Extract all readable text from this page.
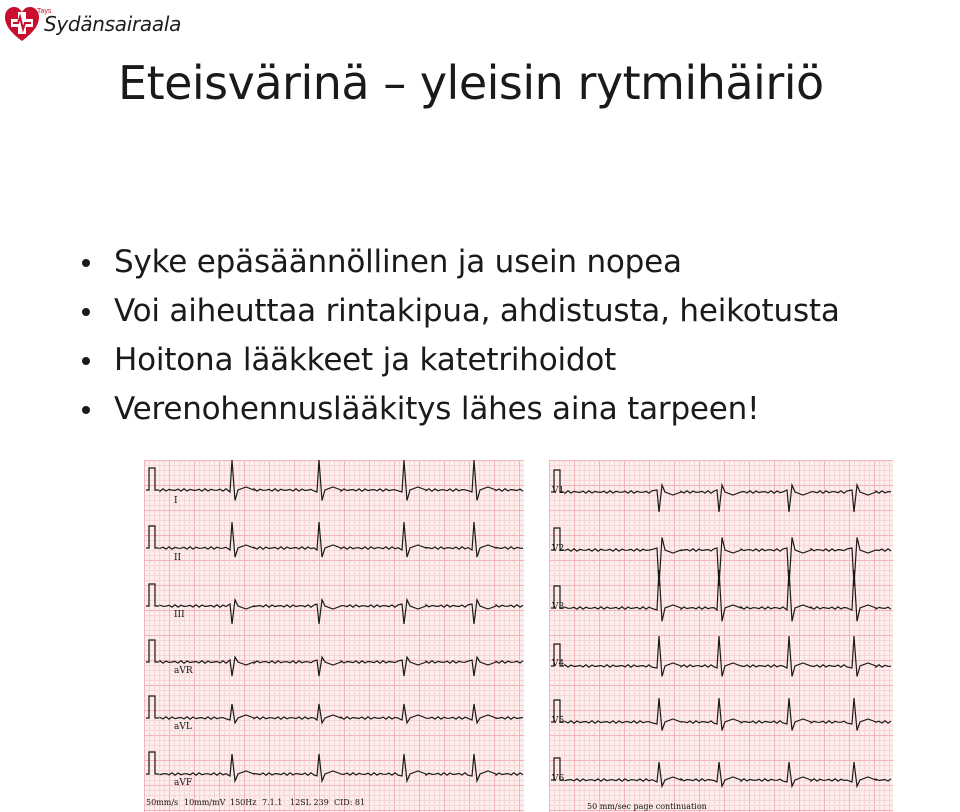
Tays
Sydänsairaala
Eteisvärinä – yleisin rytmihäiriö
Syke epäsäännöllinen ja usein nopea
Voi aiheuttaa rintakipua, ahdistusta, heikotusta
Hoitona lääkkeet ja katetrihoidot
Verenohennuslääkitys lähes aina tarpeen!
I
II
III
aVR
aVL
aVF
50mm/s 10mm/mV 150Hz 7.1.1 12SL 239 CID: 81
V1
V2
V3
V4
V5
V6
50 mm/sec page continuation
